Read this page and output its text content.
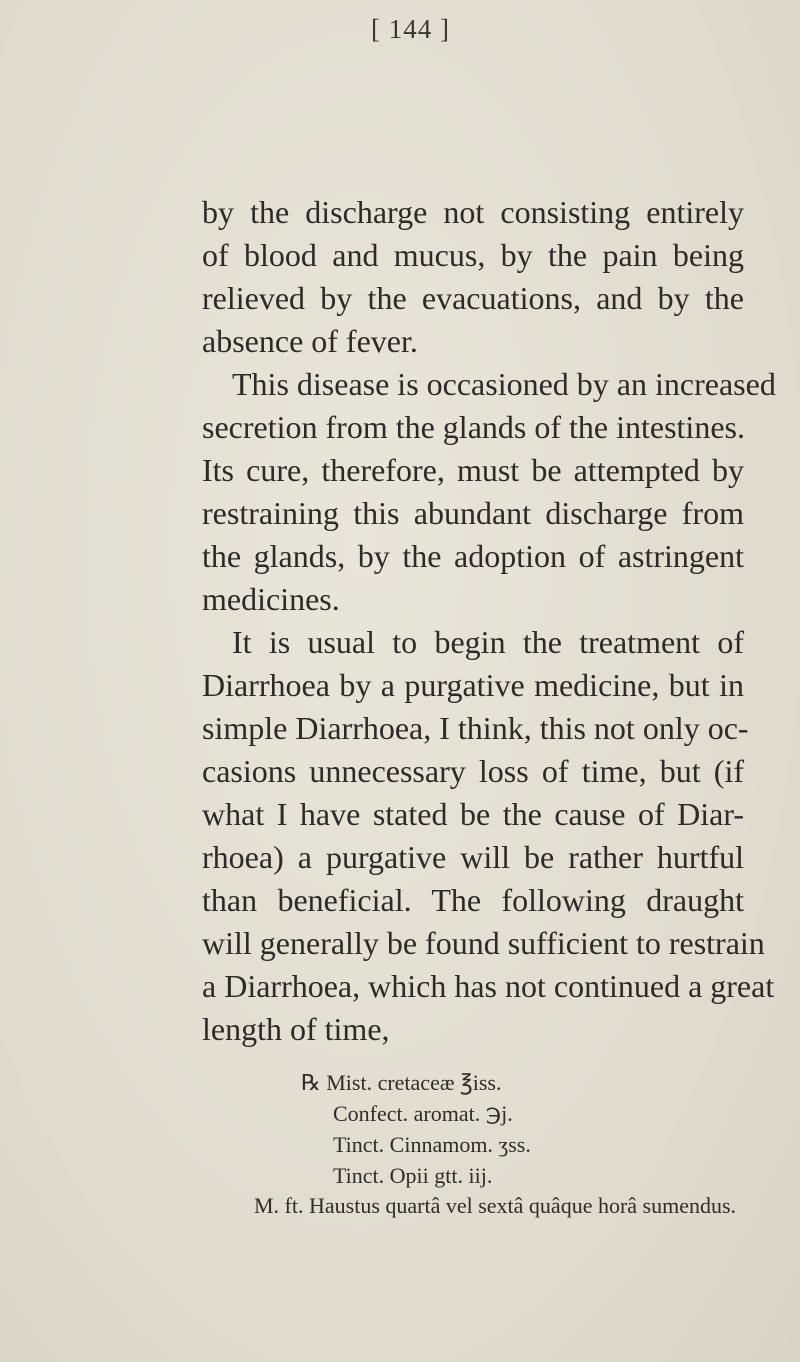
[ 144 ]
by the discharge not consisting entirely
of blood and mucus, by the pain being
relieved by the evacuations, and by the
absence of fever.
This disease is occasioned by an increased
secretion from the glands of the intestines.
Its cure, therefore, must be attempted by
restraining this abundant discharge from
the glands, by the adoption of astringent
medicines.
It is usual to begin the treatment of
Diarrhoea by a purgative medicine, but in
simple Diarrhoea, I think, this not only oc-
casions unnecessary loss of time, but (if
what I have stated be the cause of Diar-
rhoea) a purgative will be rather hurtful
than beneficial. The following draught
will generally be found sufficient to restrain
a Diarrhoea, which has not continued a great
length of time,
℞ Mist. cretaceæ ℥iss.
Confect. aromat. ℈j.
Tinct. Cinnamom. ʒss.
Tinct. Opii gtt. iij.
M. ft. Haustus quartâ vel sextâ quâque horâ sumendus.
